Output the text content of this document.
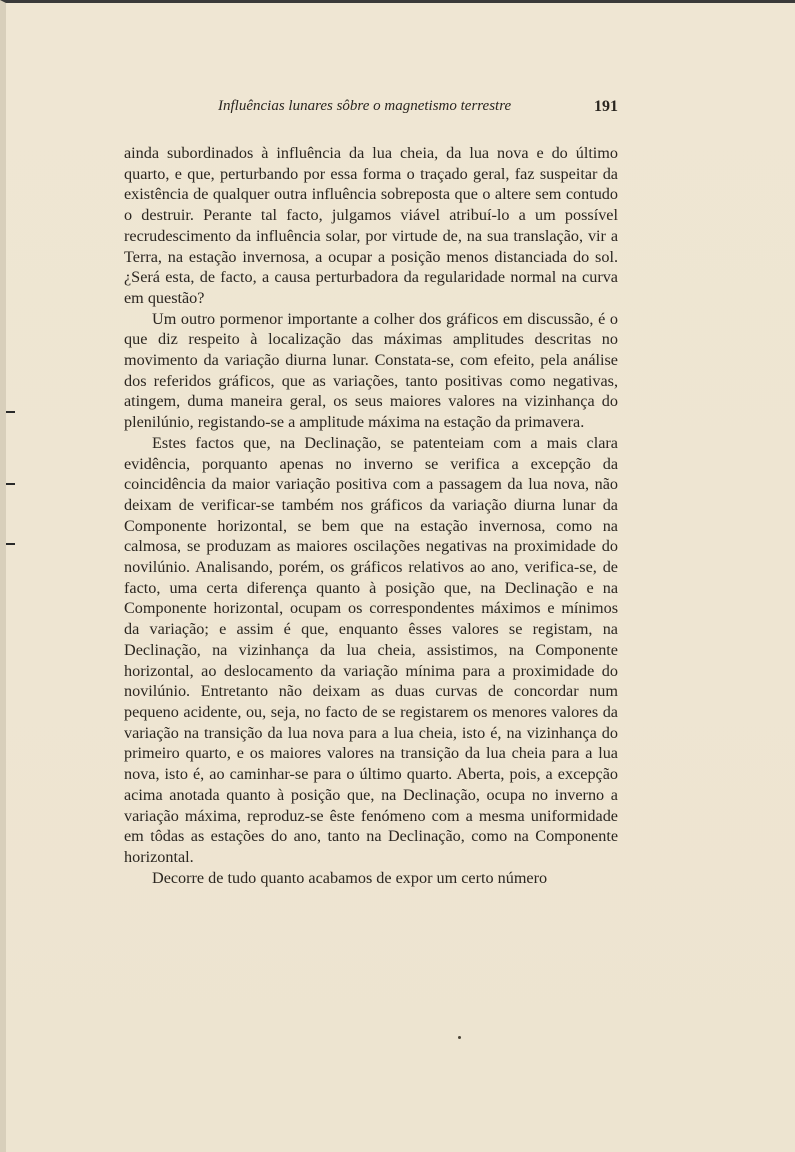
Influências lunares sôbre o magnetismo terrestre	191

ainda subordinados à influência da lua cheia, da lua nova e do último quarto, e que, perturbando por essa forma o traçado geral, faz suspeitar da existência de qualquer outra influência sobreposta que o altere sem contudo o destruir. Perante tal facto, julgamos viável atribuí-lo a um possível recrudescimento da influência solar, por virtude de, na sua translação, vir a Terra, na estação invernosa, a ocupar a posição menos distanciada do sol. ¿Será esta, de facto, a causa perturbadora da regularidade normal na curva em questão?

Um outro pormenor importante a colher dos gráficos em discussão, é o que diz respeito à localização das máximas amplitudes descritas no movimento da variação diurna lunar. Constata-se, com efeito, pela análise dos referidos gráficos, que as variações, tanto positivas como negativas, atingem, duma maneira geral, os seus maiores valores na vizinhança do plenilúnio, registando-se a amplitude máxima na estação da primavera.

Estes factos que, na Declinação, se patenteiam com a mais clara evidência, porquanto apenas no inverno se verifica a excepção da coincidência da maior variação positiva com a passagem da lua nova, não deixam de verificar-se também nos gráficos da variação diurna lunar da Componente horizontal, se bem que na estação invernosa, como na calmosa, se produzam as maiores oscilações negativas na proximidade do novilúnio. Analisando, porém, os gráficos relativos ao ano, verifica-se, de facto, uma certa diferença quanto à posição que, na Declinação e na Componente horizontal, ocupam os correspondentes máximos e mínimos da variação; e assim é que, enquanto êsses valores se registam, na Declinação, na vizinhança da lua cheia, assistimos, na Componente horizontal, ao deslocamento da variação mínima para a proximidade do novilúnio. Entretanto não deixam as duas curvas de concordar num pequeno acidente, ou, seja, no facto de se registarem os menores valores da variação na transição da lua nova para a lua cheia, isto é, na vizinhança do primeiro quarto, e os maiores valores na transição da lua cheia para a lua nova, isto é, ao caminhar-se para o último quarto. Aberta, pois, a excepção acima anotada quanto à posição que, na Declinação, ocupa no inverno a variação máxima, reproduz-se êste fenómeno com a mesma uniformidade em tôdas as estações do ano, tanto na Declinação, como na Componente horizontal.

Decorre de tudo quanto acabamos de expor um certo número
